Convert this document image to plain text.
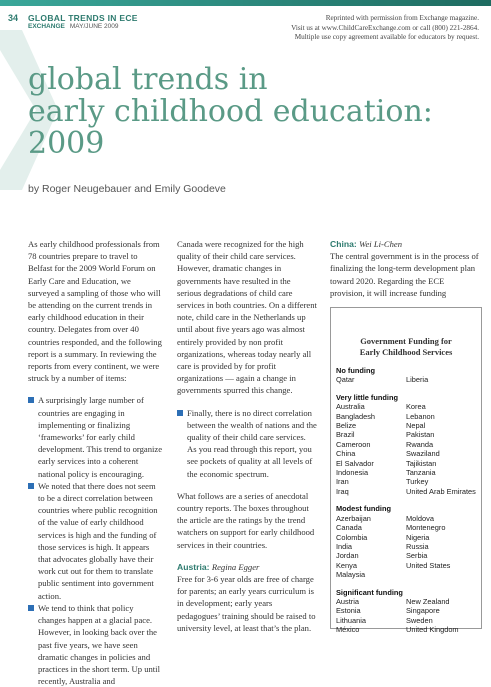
34 GLOBAL TRENDS IN ECE
EXCHANGE MAY/JUNE 2009
Reprinted with permission from Exchange magazine.
Visit us at www.ChildCareExchange.com or call (800) 221-2864.
Multiple use copy agreement available for educators by request.
global trends in
early childhood education:
2009
by Roger Neugebauer and Emily Goodeve

As early childhood professionals from 78 countries prepare to travel to Belfast for the 2009 World Forum on Early Care and Education, we surveyed a sampling of those who will be attending on the current trends in early childhood education in their country. Delegates from over 40 countries responded, and the following report is a summary. In reviewing the reports from every continent, we were struck by a number of items:

A surprisingly large number of countries are engaging in implementing or finalizing ‘frameworks’ for early child development. This trend to organize early services into a coherent national policy is encouraging.
We noted that there does not seem to be a direct correlation between countries where public recognition of the value of early childhood services is high and the funding of those services is high. It appears that advocates globally have their work cut out for them to translate public sentiment into government action.
We tend to think that policy changes happen at a glacial pace. However, in looking back over the past five years, we have seen dramatic changes in policies and practices in the short term. Up until recently, Australia and

Canada were recognized for the high quality of their child care services. However, dramatic changes in governments have resulted in the serious degradations of child care services in both countries. On a different note, child care in the Netherlands up until about five years ago was almost entirely provided by non profit organizations, whereas today nearly all care is provided by for profit organizations — again a change in governments spurred this change.

Finally, there is no direct correlation between the wealth of nations and the quality of their child care services. As you read through this report, you see pockets of quality at all levels of the economic spectrum.

What follows are a series of anecdotal country reports. The boxes throughout the article are the ratings by the trend watchers on support for early childhood services in their countries.

Austria: Regina Egger
Free for 3-6 year olds are free of charge for parents; an early years curriculum is in development; early years pedagogues’ training should be raised to university level, at least that’s the plan.
China: Wei Li-Chen
The central government is in the process of finalizing the long-term development plan toward 2020. Regarding the ECE provision, it will increase funding
Government Funding for
Early Childhood Services
No funding
Qatar	Liberia
Very little funding
Australia	Korea
Bangladesh	Lebanon
Belize	Nepal
Brazil	Pakistan
Cameroon	Rwanda
China	Swaziland
El Salvador	Tajikistan
Indonesia	Tanzania
Iran	Turkey
Iraq	United Arab Emirates
Modest funding
Azerbaijan	Moldova
Canada	Montenegro
Colombia	Nigeria
India	Russia
Jordan	Serbia
Kenya	United States
Malaysia
Significant funding
Austria	New Zealand
Estonia	Singapore
Lithuania	Sweden
México	United Kingdom
